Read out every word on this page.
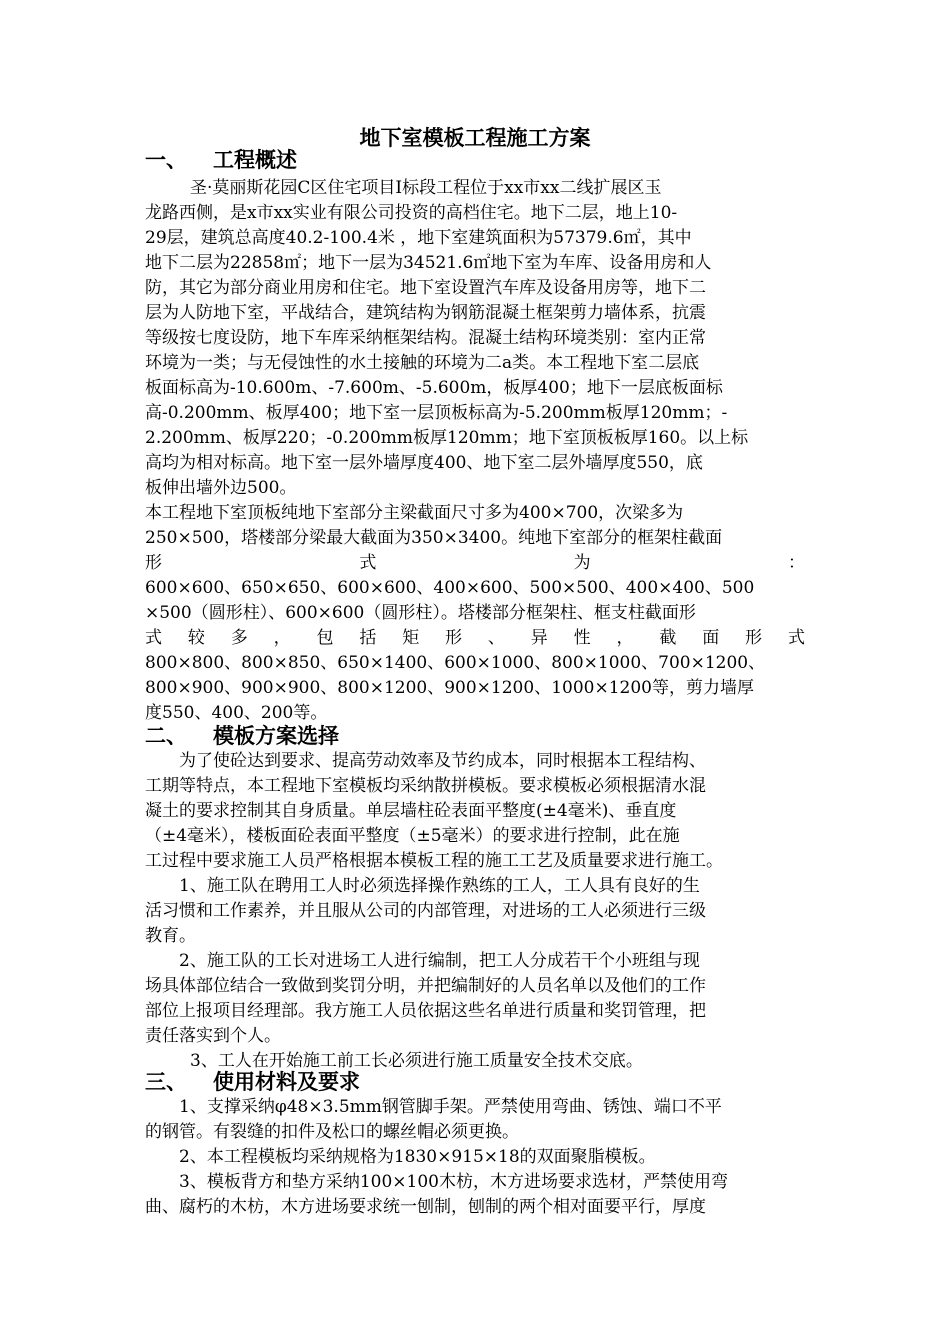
地下室模板工程施工方案
一、 工程概述
圣·莫丽斯花园C区住宅项目Ⅰ标段工程位于xx市xx二线扩展区玉
龙路西侧，是x市xx实业有限公司投资的高档住宅。地下二层，地上10-
29层，建筑总高度40.2-100.4米 ，地下室建筑面积为57379.6㎡，其中
地下二层为22858㎡；地下一层为34521.6㎡地下室为车库、设备用房和人
防，其它为部分商业用房和住宅。地下室设置汽车库及设备用房等，地下二
层为人防地下室，平战结合，建筑结构为钢筋混凝土框架剪力墙体系，抗震
等级按七度设防，地下车库采纳框架结构。混凝土结构环境类别：室内正常
环境为一类；与无侵蚀性的水土接触的环境为二a类。本工程地下室二层底
板面标高为-10.600m、-7.600m、-5.600m，板厚400；地下一层底板面标
高-0.200mm、板厚400；地下室一层顶板标高为-5.200mm板厚120mm；-
2.200mm、板厚220；-0.200mm板厚120mm；地下室顶板板厚160。以上标
高均为相对标高。地下室一层外墙厚度400、地下室二层外墙厚度550，底
板伸出墙外边500。
本工程地下室顶板纯地下室部分主梁截面尺寸多为400×700，次梁多为
250×500，塔楼部分梁最大截面为350×3400。纯地下室部分的框架柱截面
形 式 为 ：
600×600、650×650、600×600、400×600、500×500、400×400、500
×500（圆形柱）、600×600（圆形柱）。塔楼部分框架柱、框支柱截面形
式 较 多 ， 包 括 矩 形 、 异 性 ， 截 面 形 式
800×800、800×850、650×1400、600×1000、800×1000、700×1200、
800×900、900×900、800×1200、900×1200、1000×1200等，剪力墙厚
度550、400、200等。
二、 模板方案选择
为了使砼达到要求、提高劳动效率及节约成本，同时根据本工程结构、
工期等特点，本工程地下室模板均采纳散拼模板。要求模板必须根据清水混
凝土的要求控制其自身质量。单层墙柱砼表面平整度(±4毫米)、垂直度
（±4毫米），楼板面砼表面平整度（±5毫米）的要求进行控制，此在施
工过程中要求施工人员严格根据本模板工程的施工工艺及质量要求进行施工。
1、施工队在聘用工人时必须选择操作熟练的工人，工人具有良好的生
活习惯和工作素养，并且服从公司的内部管理，对进场的工人必须进行三级
教育。
2、施工队的工长对进场工人进行编制，把工人分成若干个小班组与现
场具体部位结合一致做到奖罚分明，并把编制好的人员名单以及他们的工作
部位上报项目经理部。我方施工人员依据这些名单进行质量和奖罚管理，把
责任落实到个人。
3、工人在开始施工前工长必须进行施工质量安全技术交底。
三、 使用材料及要求
1、支撑采纳φ48×3.5mm钢管脚手架。严禁使用弯曲、锈蚀、端口不平
的钢管。有裂缝的扣件及松口的螺丝帽必须更换。
2、本工程模板均采纳规格为1830×915×18的双面聚脂模板。
3、模板背方和垫方采纳100×100木枋，木方进场要求选材，严禁使用弯
曲、腐朽的木枋，木方进场要求统一刨制，刨制的两个相对面要平行，厚度
